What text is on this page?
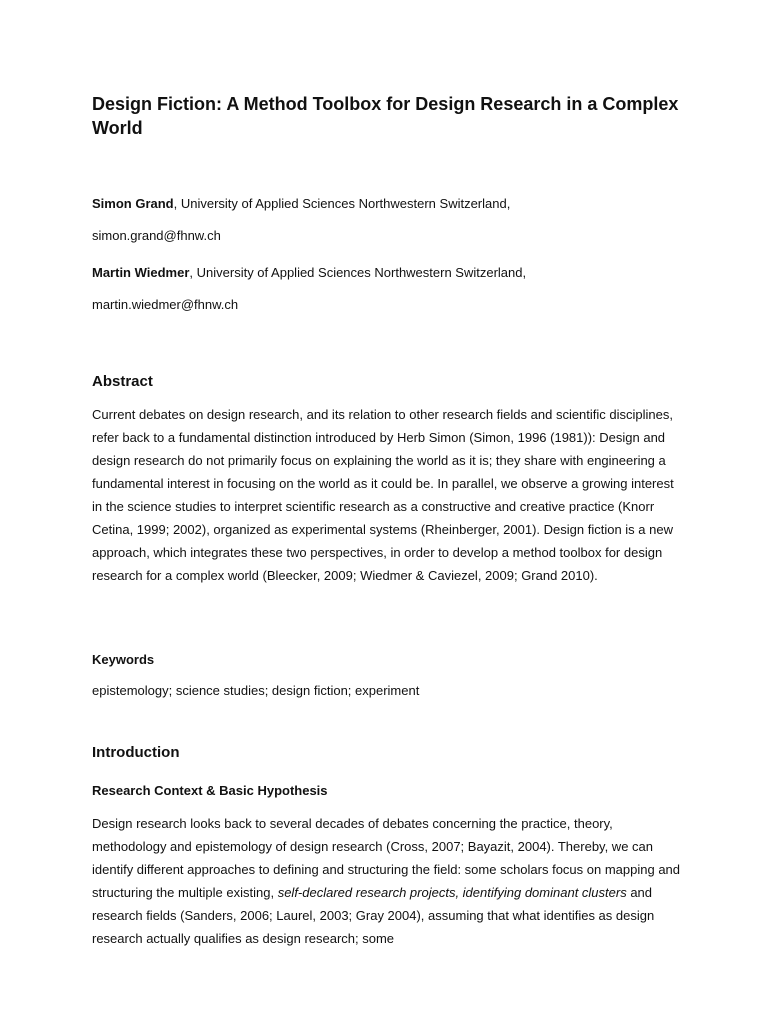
Design Fiction: A Method Toolbox for Design Research in a Complex World
Simon Grand, University of Applied Sciences Northwestern Switzerland,
simon.grand@fhnw.ch
Martin Wiedmer, University of Applied Sciences Northwestern Switzerland,
martin.wiedmer@fhnw.ch
Abstract
Current debates on design research, and its relation to other research fields and scientific disciplines, refer back to a fundamental distinction introduced by Herb Simon (Simon, 1996 (1981)): Design and design research do not primarily focus on explaining the world as it is; they share with engineering a fundamental interest in focusing on the world as it could be. In parallel, we observe a growing interest in the science studies to interpret scientific research as a constructive and creative practice (Knorr Cetina, 1999; 2002), organized as experimental systems (Rheinberger, 2001). Design fiction is a new approach, which integrates these two perspectives, in order to develop a method toolbox for design research for a complex world (Bleecker, 2009; Wiedmer & Caviezel, 2009; Grand 2010).
Keywords
epistemology; science studies; design fiction; experiment
Introduction
Research Context & Basic Hypothesis
Design research looks back to several decades of debates concerning the practice, theory, methodology and epistemology of design research (Cross, 2007; Bayazit, 2004). Thereby, we can identify different approaches to defining and structuring the field: some scholars focus on mapping and structuring the multiple existing, self-declared research projects, identifying dominant clusters and research fields (Sanders, 2006; Laurel, 2003; Gray 2004), assuming that what identifies as design research actually qualifies as design research; some
